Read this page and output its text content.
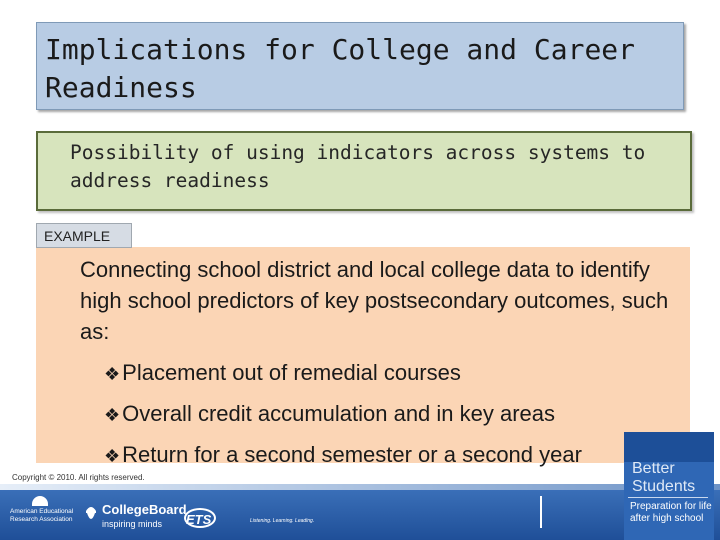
Implications for College and Career Readiness
Possibility of using indicators across systems to address readiness
Connecting school district and local college data to identify high school predictors of key postsecondary outcomes, such as:
❖Placement out of remedial courses
❖Overall credit accumulation and in key areas
❖Return for a second semester or a second year
EXAMPLE
Copyright © 2010. All rights reserved.
American Educational Research Association
CollegeBoard
inspiring minds	ETS	Listening. Learning. Leading.
Better
Students
Preparation for life after high school
